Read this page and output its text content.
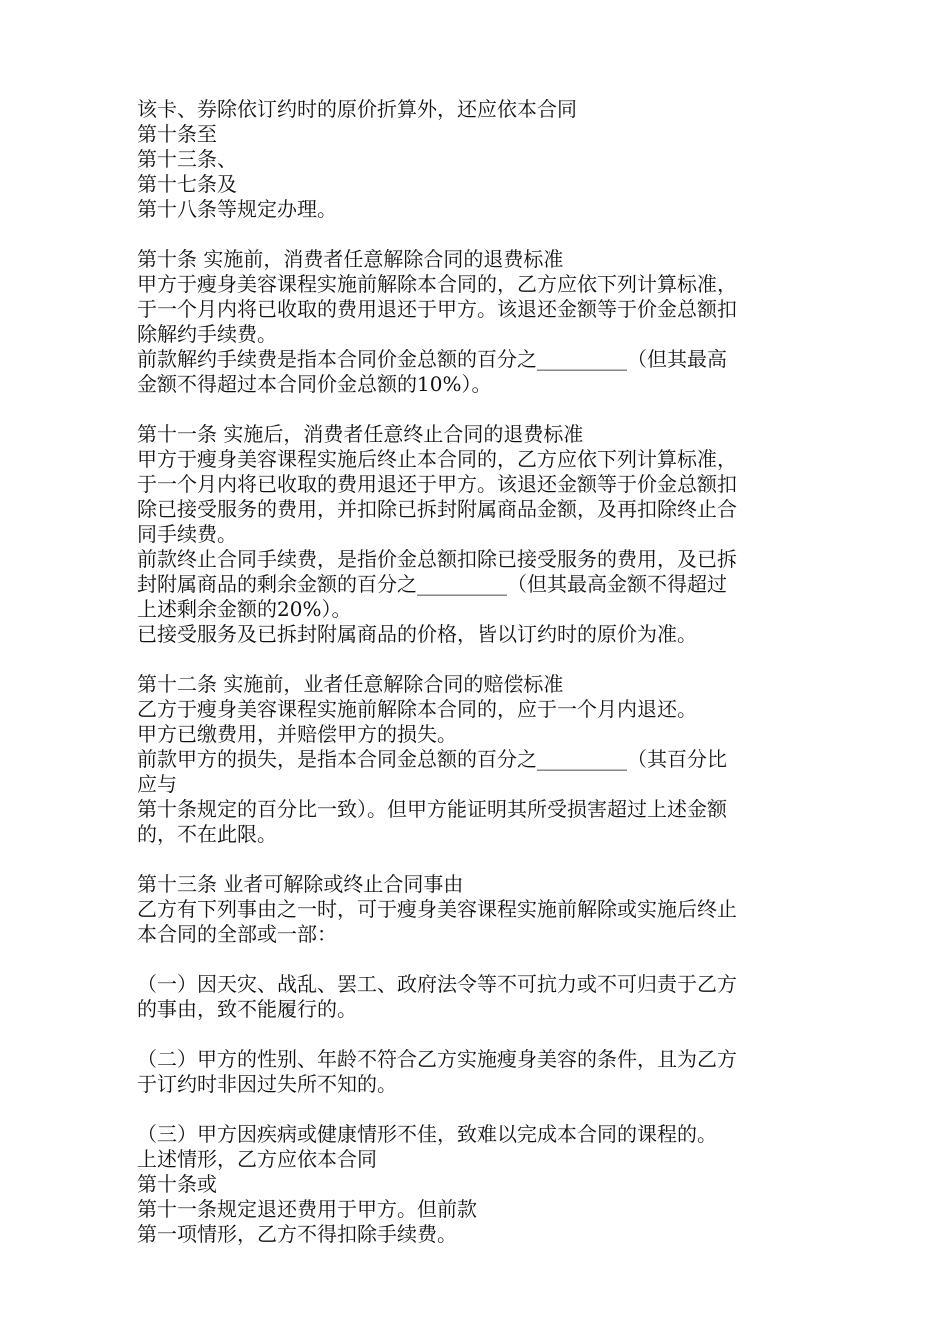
该卡、券除依订约时的原价折算外，还应依本合同
第十条至
第十三条、
第十七条及
第十八条等规定办理。
第十条 实施前，消费者任意解除合同的退费标准
甲方于瘦身美容课程实施前解除本合同的，乙方应依下列计算标准，
于一个月内将已收取的费用退还于甲方。该退还金额等于价金总额扣
除解约手续费。
前款解约手续费是指本合同价金总额的百分之_________（但其最高
金额不得超过本合同价金总额的10%）。
第十一条 实施后，消费者任意终止合同的退费标准
甲方于瘦身美容课程实施后终止本合同的，乙方应依下列计算标准，
于一个月内将已收取的费用退还于甲方。该退还金额等于价金总额扣
除已接受服务的费用，并扣除已拆封附属商品金额，及再扣除终止合
同手续费。
前款终止合同手续费，是指价金总额扣除已接受服务的费用，及已拆
封附属商品的剩余金额的百分之_________（但其最高金额不得超过
上述剩余金额的20%）。
已接受服务及已拆封附属商品的价格，皆以订约时的原价为准。
第十二条 实施前，业者任意解除合同的赔偿标准
乙方于瘦身美容课程实施前解除本合同的，应于一个月内退还。
甲方已缴费用，并赔偿甲方的损失。
前款甲方的损失，是指本合同金总额的百分之_________（其百分比
应与
第十条规定的百分比一致）。但甲方能证明其所受损害超过上述金额
的，不在此限。
第十三条 业者可解除或终止合同事由
乙方有下列事由之一时，可于瘦身美容课程实施前解除或实施后终止
本合同的全部或一部：
（一）因天灾、战乱、罢工、政府法令等不可抗力或不可归责于乙方
的事由，致不能履行的。
（二）甲方的性别、年龄不符合乙方实施瘦身美容的条件，且为乙方
于订约时非因过失所不知的。
（三）甲方因疾病或健康情形不佳，致难以完成本合同的课程的。
上述情形，乙方应依本合同
第十条或
第十一条规定退还费用于甲方。但前款
第一项情形，乙方不得扣除手续费。
